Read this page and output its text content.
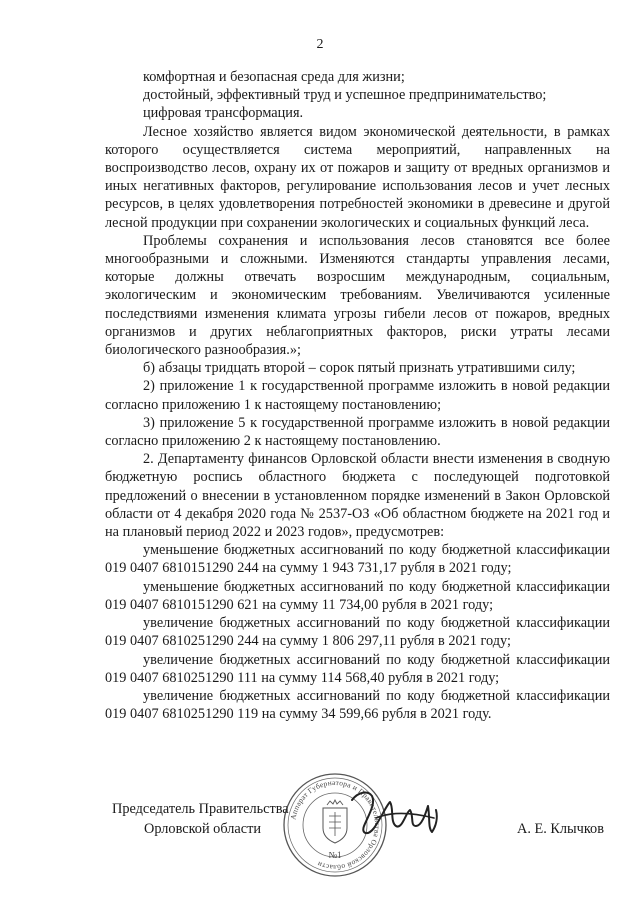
2

комфортная и безопасная среда для жизни;

достойный, эффективный труд и успешное предпринимательство;

цифровая трансформация.

Лесное хозяйство является видом экономической деятельности, в рамках которого осуществляется система мероприятий, направленных на воспроизводство лесов, охрану их от пожаров и защиту от вредных организмов и иных негативных факторов, регулирование использования лесов и учет лесных ресурсов, в целях удовлетворения потребностей экономики в древесине и другой лесной продукции при сохранении экологических и социальных функций леса.

Проблемы сохранения и использования лесов становятся все более многообразными и сложными. Изменяются стандарты управления лесами, которые должны отвечать возросшим международным, социальным, экологическим и экономическим требованиям. Увеличиваются усиленные последствиями изменения климата угрозы гибели лесов от пожаров, вредных организмов и других неблагоприятных факторов, риски утраты лесами биологического разнообразия.»;

б) абзацы тридцать второй – сорок пятый признать утратившими силу;

2) приложение 1 к государственной программе изложить в новой редакции согласно приложению 1 к настоящему постановлению;

3) приложение 5 к государственной программе изложить в новой редакции согласно приложению 2 к настоящему постановлению.

2. Департаменту финансов Орловской области внести изменения в сводную бюджетную роспись областного бюджета с последующей подготовкой предложений о внесении в установленном порядке изменений в Закон Орловской области от 4 декабря 2020 года № 2537-ОЗ «Об областном бюджете на 2021 год и на плановый период 2022 и 2023 годов», предусмотрев:

уменьшение бюджетных ассигнований по коду бюджетной классификации 019 0407 6810151290 244 на сумму 1 943 731,17 рубля в 2021 году;

уменьшение бюджетных ассигнований по коду бюджетной классификации 019 0407 6810151290 621 на сумму 11 734,00 рубля в 2021 году;

увеличение бюджетных ассигнований по коду бюджетной классификации 019 0407 6810251290 244 на сумму 1 806 297,11 рубля в 2021 году;

увеличение бюджетных ассигнований по коду бюджетной классификации 019 0407 6810251290 111 на сумму 114 568,40 рубля в 2021 году;

увеличение бюджетных ассигнований по коду бюджетной классификации 019 0407 6810251290 119 на сумму 34 599,66 рубля в 2021 году.

Аппарат Губернатора и Правительства Орловской области
№1
Председатель Правительства
Орловской области	А. Е. Клычков
